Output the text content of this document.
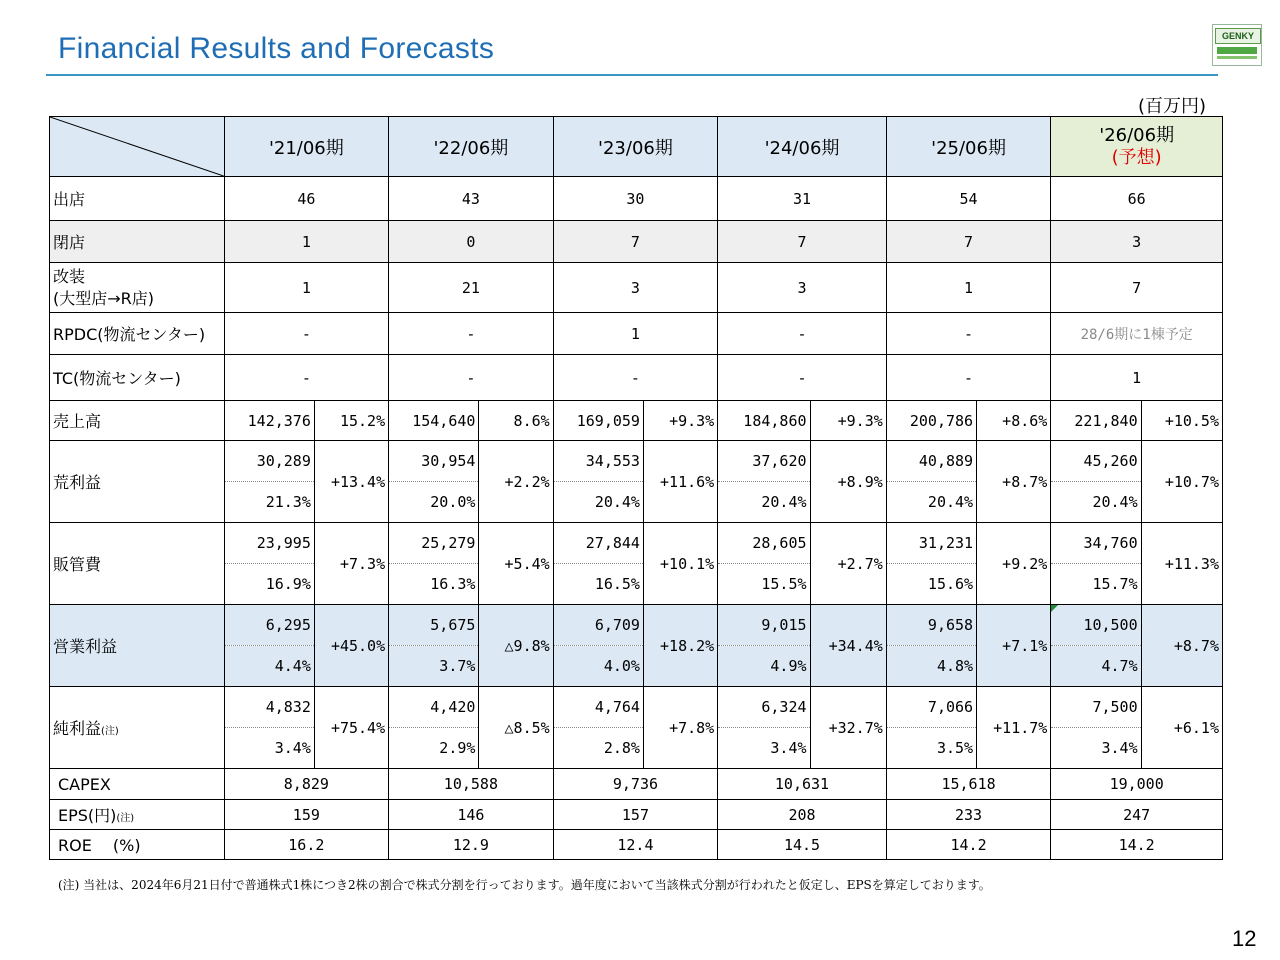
Financial Results and Forecasts	GENKY
(百万円)
	'21/06期		'22/06期		'23/06期		'24/06期		'25/06期		'26/06期
(予想)	

出店	46		43		30		31		54		66	
閉店	1		0		7		7		7		3	

改装
(大型店→R店)	1		21		3		3		1		7	
RPDC(物流センター)	-		-		1		-		-		28/6期に1棟予定	
TC(物流センター)	-		-		-		-		-		1	
売上高	142,376	15.2%	154,640	8.6%	169,059	+9.3%	184,860	+9.3%	200,786	+8.6%	221,840	+10.5%
荒利益	30,289	+13.4%	30,954	+2.2%	34,553	+11.6%	37,620	+8.9%	40,889	+8.7%	45,260	+10.7%
	21.3%		20.0%		20.4%		20.4%		20.4%		20.4%	
販管費	23,995	+7.3%	25,279	+5.4%	27,844	+10.1%	28,605	+2.7%	31,231	+9.2%	34,760	+11.3%
	16.9%		16.3%		16.5%		15.5%		15.6%		15.7%	
営業利益	6,295	+45.0%	5,675	△9.8%	6,709	+18.2%	9,015	+34.4%	9,658	+7.1%	10,500	+8.7%
	4.4%		3.7%		4.0%		4.9%		4.8%		4.7%	
純利益(注)	4,832	+75.4%	4,420	△8.5%	4,764	+7.8%	6,324	+32.7%	7,066	+11.7%	7,500	+6.1%
	3.4%		2.9%		2.8%		3.4%		3.5%		3.4%	
CAPEX	8,829		10,588		9,736		10,631		15,618		19,000	
EPS(円)(注)	159		146		157		208		233		247	
ROE　 (%)	16.2		12.9		12.4		14.5		14.2		14.2	
(注) 当社は、2024年6月21日付で普通株式1株につき2株の割合で株式分割を行っております。過年度において当該株式分割が行われたと仮定し、EPSを算定しております。
12
